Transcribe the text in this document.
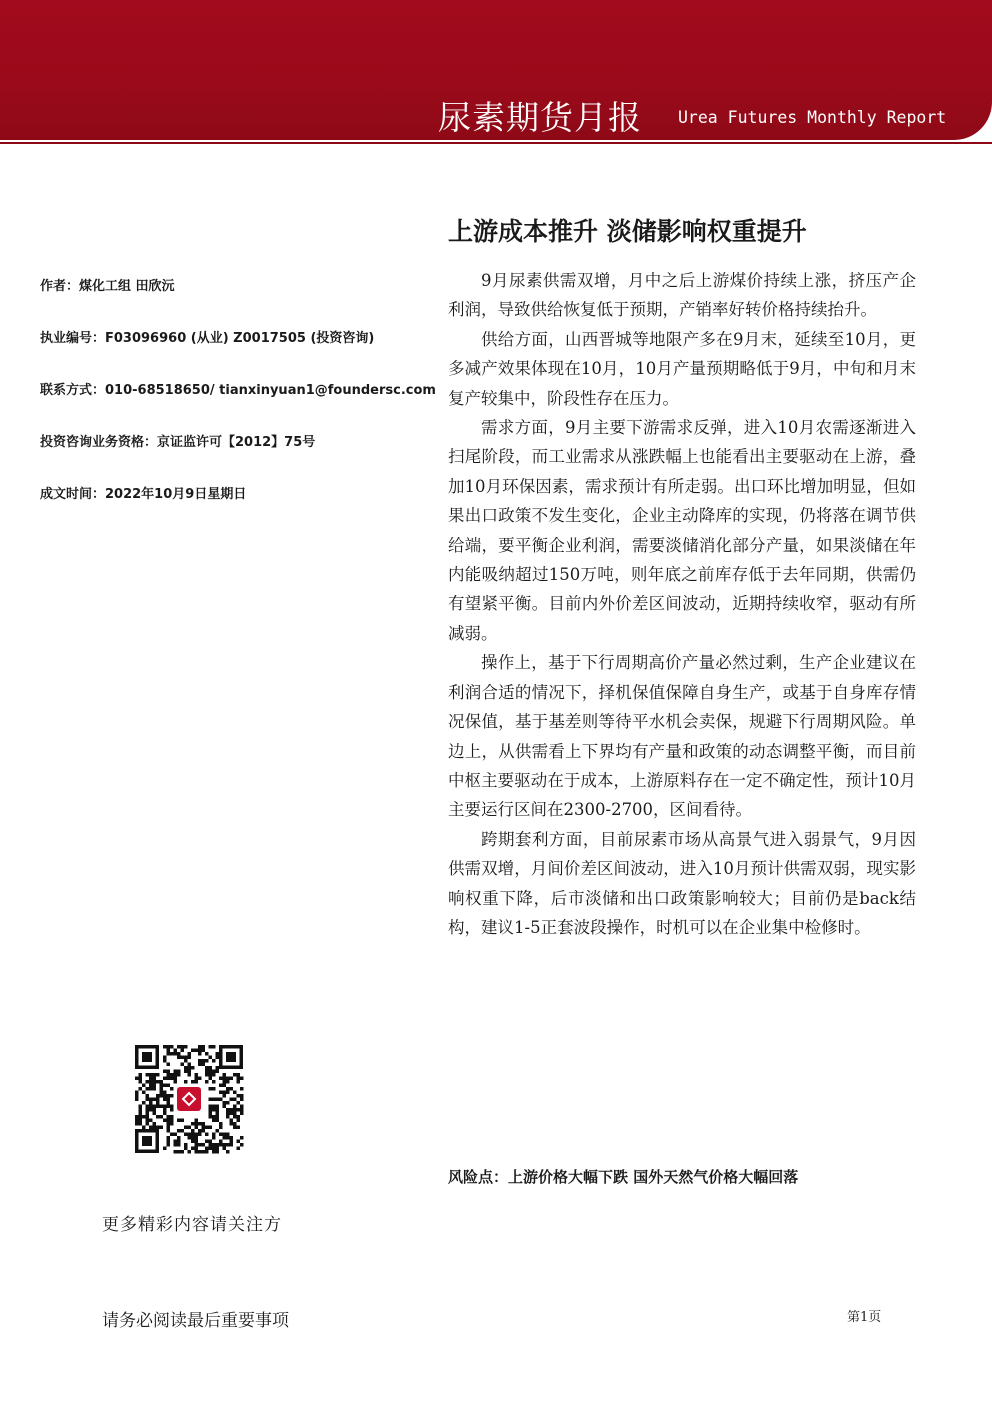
尿素期货月报 Urea Futures Monthly Report
上游成本推升 淡储影响权重提升
作者：煤化工组 田欣沅
执业编号：F03096960 (从业) Z0017505 (投资咨询)
联系方式：010-68518650/ tianxinyuan1@foundersc.com
投资咨询业务资格：京证监许可【2012】75号
成文时间：2022年10月9日星期日

9月尿素供需双增，月中之后上游煤价持续上涨，挤压产企利润，导致供给恢复低于预期，产销率好转价格持续抬升。

供给方面，山西晋城等地限产多在9月末，延续至10月，更多减产效果体现在10月，10月产量预期略低于9月，中旬和月末复产较集中，阶段性存在压力。

需求方面，9月主要下游需求反弹，进入10月农需逐渐进入扫尾阶段，而工业需求从涨跌幅上也能看出主要驱动在上游，叠加10月环保因素，需求预计有所走弱。出口环比增加明显，但如果出口政策不发生变化，企业主动降库的实现，仍将落在调节供给端，要平衡企业利润，需要淡储消化部分产量，如果淡储在年内能吸纳超过150万吨，则年底之前库存低于去年同期，供需仍有望紧平衡。目前内外价差区间波动，近期持续收窄，驱动有所减弱。

操作上，基于下行周期高价产量必然过剩，生产企业建议在利润合适的情况下，择机保值保障自身生产，或基于自身库存情况保值，基于基差则等待平水机会卖保，规避下行周期风险。单边上，从供需看上下界均有产量和政策的动态调整平衡，而目前中枢主要驱动在于成本，上游原料存在一定不确定性，预计10月主要运行区间在2300-2700，区间看待。

跨期套利方面，目前尿素市场从高景气进入弱景气，9月因供需双增，月间价差区间波动，进入10月预计供需双弱，现实影响权重下降，后市淡储和出口政策影响较大；目前仍是back结构，建议1-5正套波段操作，时机可以在企业集中检修时。

风险点：上游价格大幅下跌 国外天然气价格大幅回落
更多精彩内容请关注方
请务必阅读最后重要事项	第1页
